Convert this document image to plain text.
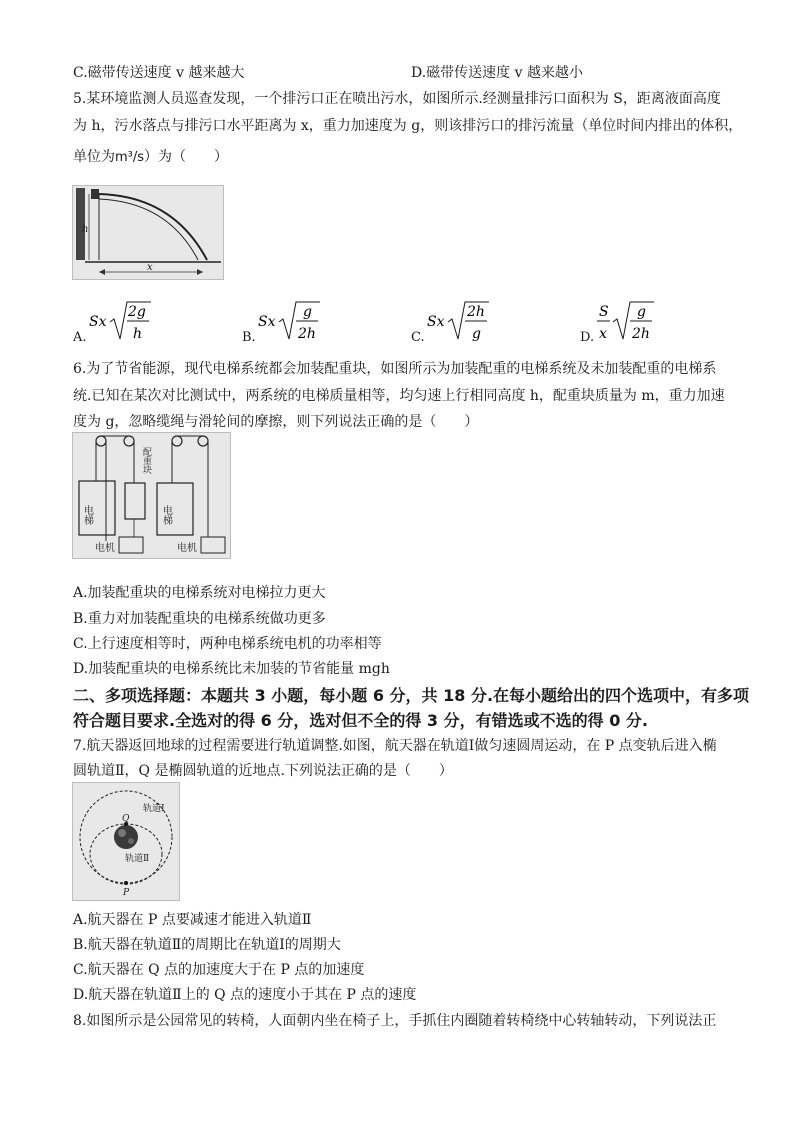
C.磁带传送速度 v 越来越大	D.磁带传送速度 v 越来越小
5.某环境监测人员巡查发现，一个排污口正在喷出污水，如图所示.经测量排污口面积为 S，距离液面高度
为 h，污水落点与排污口水平距离为 x，重力加速度为 g，则该排污口的排污流量（单位时间内排出的体积，
单位为m³/s）为（　　）
h
x
A.
Sx
2g
h	B.
Sx
g
2h	C.
Sx
2h
g	D.
S
x
g
2h
6.为了节省能源，现代电梯系统都会加装配重块，如图所示为加装配重的电梯系统及未加装配重的电梯系
统.已知在某次对比测试中，两系统的电梯质量相等，均匀速上行相同高度 h，配重块质量为 m，重力加速
度为 g，忽略缆绳与滑轮间的摩擦，则下列说法正确的是（　　）
配重块
电梯	电梯
电机	电机
A.加装配重块的电梯系统对电梯拉力更大
B.重力对加装配重块的电梯系统做功更多
C.上行速度相等时，两种电梯系统电机的功率相等
D.加装配重块的电梯系统比未加装的节省能量 mgh
二、多项选择题：本题共 3 小题，每小题 6 分，共 18 分.在每小题给出的四个选项中，有多项
符合题目要求.全选对的得 6 分，选对但不全的得 3 分，有错选或不选的得 0 分.
7.航天器返回地球的过程需要进行轨道调整.如图，航天器在轨道Ⅰ做匀速圆周运动，在 P 点变轨后进入椭
圆轨道Ⅱ，Q 是椭圆轨道的近地点.下列说法正确的是（　　）
Q
P
轨道Ⅰ
轨道Ⅱ
A.航天器在 P 点要减速才能进入轨道Ⅱ
B.航天器在轨道Ⅱ的周期比在轨道Ⅰ的周期大
C.航天器在 Q 点的加速度大于在 P 点的加速度
D.航天器在轨道Ⅱ上的 Q 点的速度小于其在 P 点的速度
8.如图所示是公园常见的转椅，人面朝内坐在椅子上，手抓住内圈随着转椅绕中心转轴转动，下列说法正
